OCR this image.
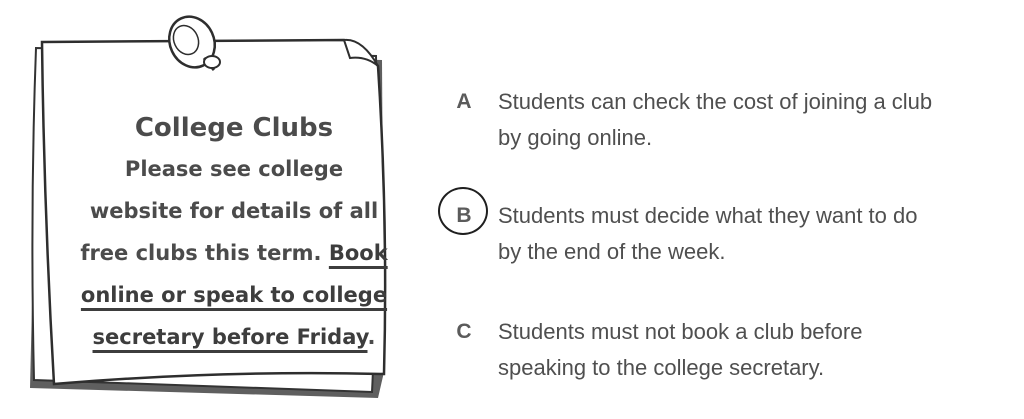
College Clubs
Please see college
website for details of all
free clubs this term. Book
online or speak to college
secretary before Friday.
A	Students can check the cost of joining a club
by going online.
B	Students must decide what they want to do
by the end of the week.
C	Students must not book a club before
speaking to the college secretary.
